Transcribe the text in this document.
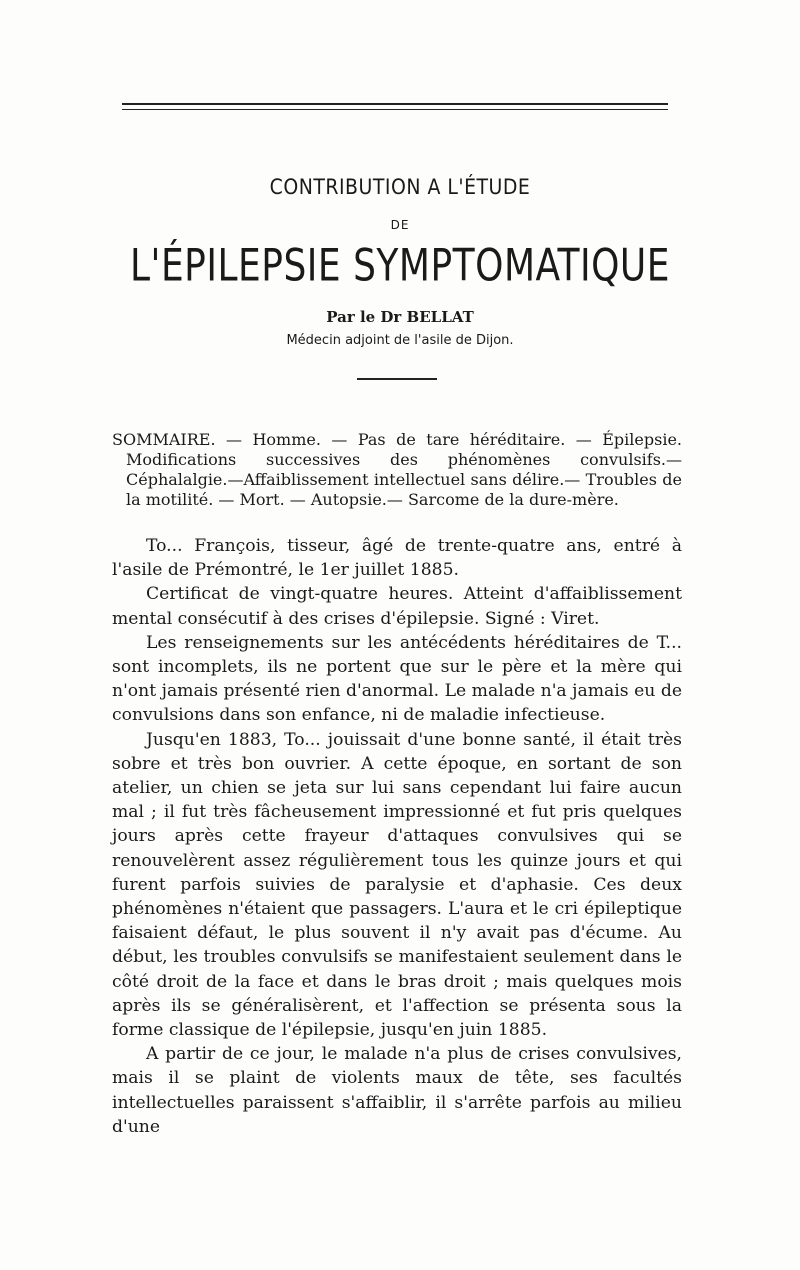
CONTRIBUTION A L'ÉTUDE
DE
L'ÉPILEPSIE SYMPTOMATIQUE
Par le Dr BELLAT
Médecin adjoint de l'asile de Dijon.

SOMMAIRE. — Homme. — Pas de tare héréditaire. — Épilepsie. Modifications successives des phénomènes convulsifs.—Céphalalgie.—Affaiblissement intellectuel sans délire.— Troubles de la motilité. — Mort. — Autopsie.— Sarcome de la dure-mère.

To... François, tisseur, âgé de trente-quatre ans, entré à l'asile de Prémontré, le 1er juillet 1885.

Certificat de vingt-quatre heures. Atteint d'affaiblissement mental consécutif à des crises d'épilepsie. Signé : Viret.

Les renseignements sur les antécédents héréditaires de T... sont incomplets, ils ne portent que sur le père et la mère qui n'ont jamais présenté rien d'anormal. Le malade n'a jamais eu de convulsions dans son enfance, ni de maladie infectieuse.

Jusqu'en 1883, To... jouissait d'une bonne santé, il était très sobre et très bon ouvrier. A cette époque, en sortant de son atelier, un chien se jeta sur lui sans cependant lui faire aucun mal ; il fut très fâcheusement impressionné et fut pris quelques jours après cette frayeur d'attaques convulsives qui se renouvelèrent assez régulièrement tous les quinze jours et qui furent parfois suivies de paralysie et d'aphasie. Ces deux phénomènes n'étaient que passagers. L'aura et le cri épileptique faisaient défaut, le plus souvent il n'y avait pas d'écume. Au début, les troubles convulsifs se manifestaient seulement dans le côté droit de la face et dans le bras droit ; mais quelques mois après ils se généralisèrent, et l'affection se présenta sous la forme classique de l'épilepsie, jusqu'en juin 1885.

A partir de ce jour, le malade n'a plus de crises convulsives, mais il se plaint de violents maux de tête, ses facultés intellectuelles paraissent s'affaiblir, il s'arrête parfois au milieu d'une
